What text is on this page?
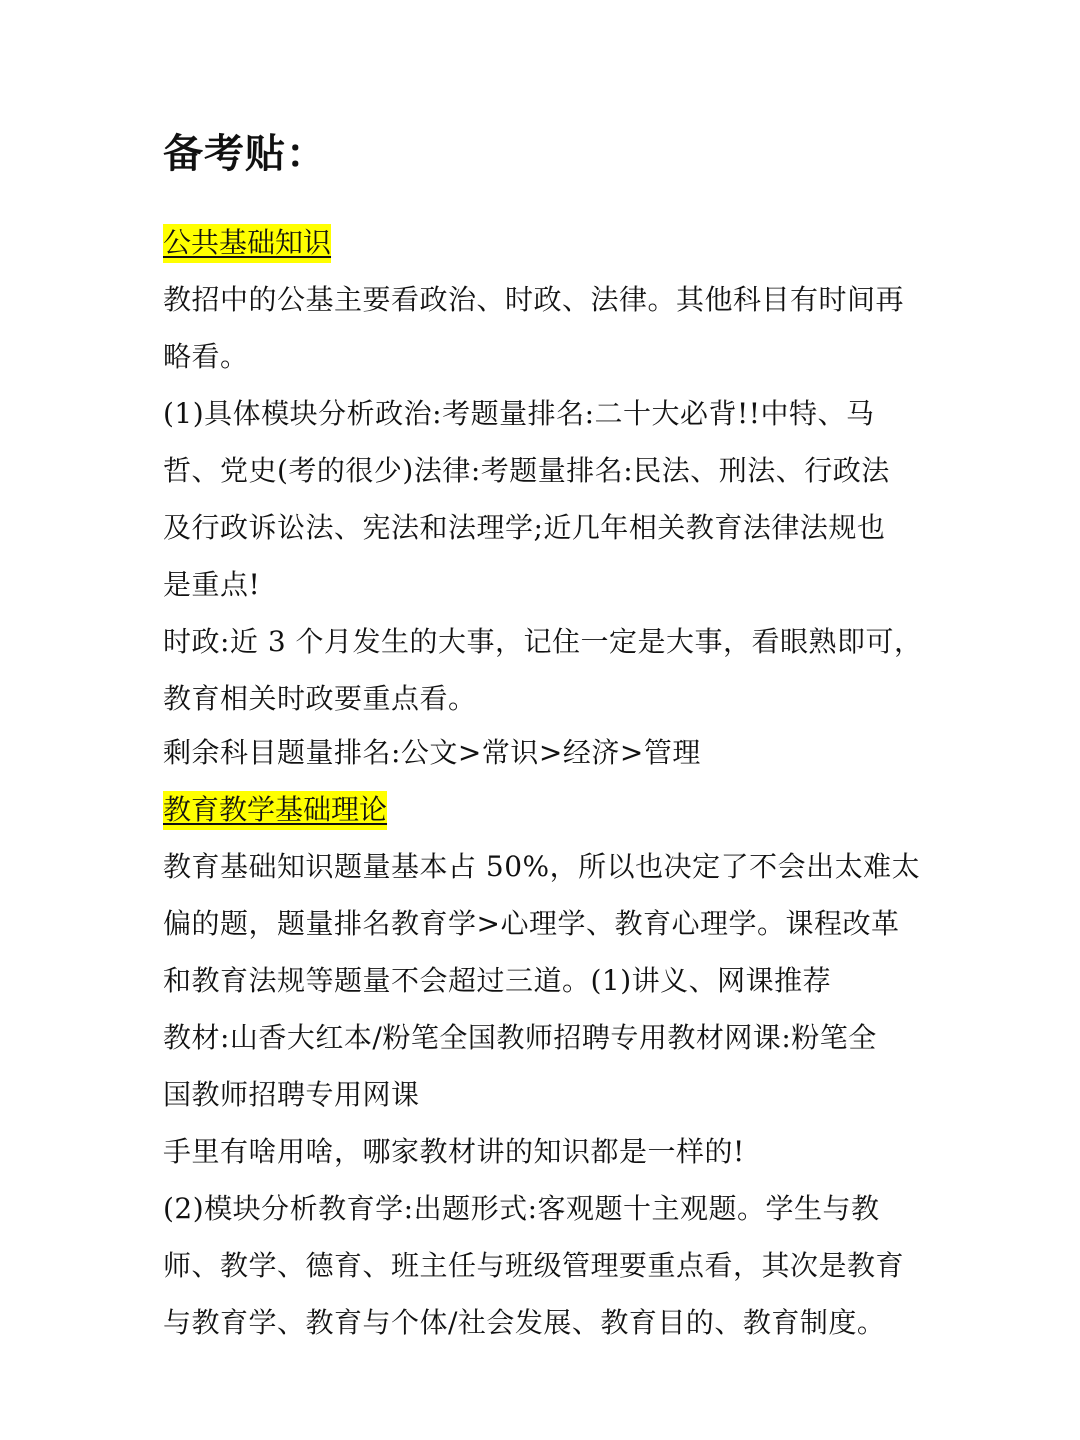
备考贴：
公共基础知识
教招中的公基主要看政治、时政、法律。其他科目有时间再
略看。
(1)具体模块分析政治:考题量排名:二十大必背!!中特、马
哲、党史(考的很少)法律:考题量排名:民法、刑法、行政法
及行政诉讼法、宪法和法理学;近几年相关教育法律法规也
是重点!
时政:近 3 个月发生的大事，记住一定是大事，看眼熟即可，
教育相关时政要重点看。
剩余科目题量排名:公文>常识>经济>管理
教育教学基础理论
教育基础知识题量基本占 50%，所以也决定了不会出太难太
偏的题，题量排名教育学>心理学、教育心理学。课程改革
和教育法规等题量不会超过三道。(1)讲义、网课推荐
教材:山香大红本/粉笔全国教师招聘专用教材网课:粉笔全
国教师招聘专用网课
手里有啥用啥，哪家教材讲的知识都是一样的!
(2)模块分析教育学:出题形式:客观题十主观题。学生与教
师、教学、德育、班主任与班级管理要重点看，其次是教育
与教育学、教育与个体/社会发展、教育目的、教育制度。
